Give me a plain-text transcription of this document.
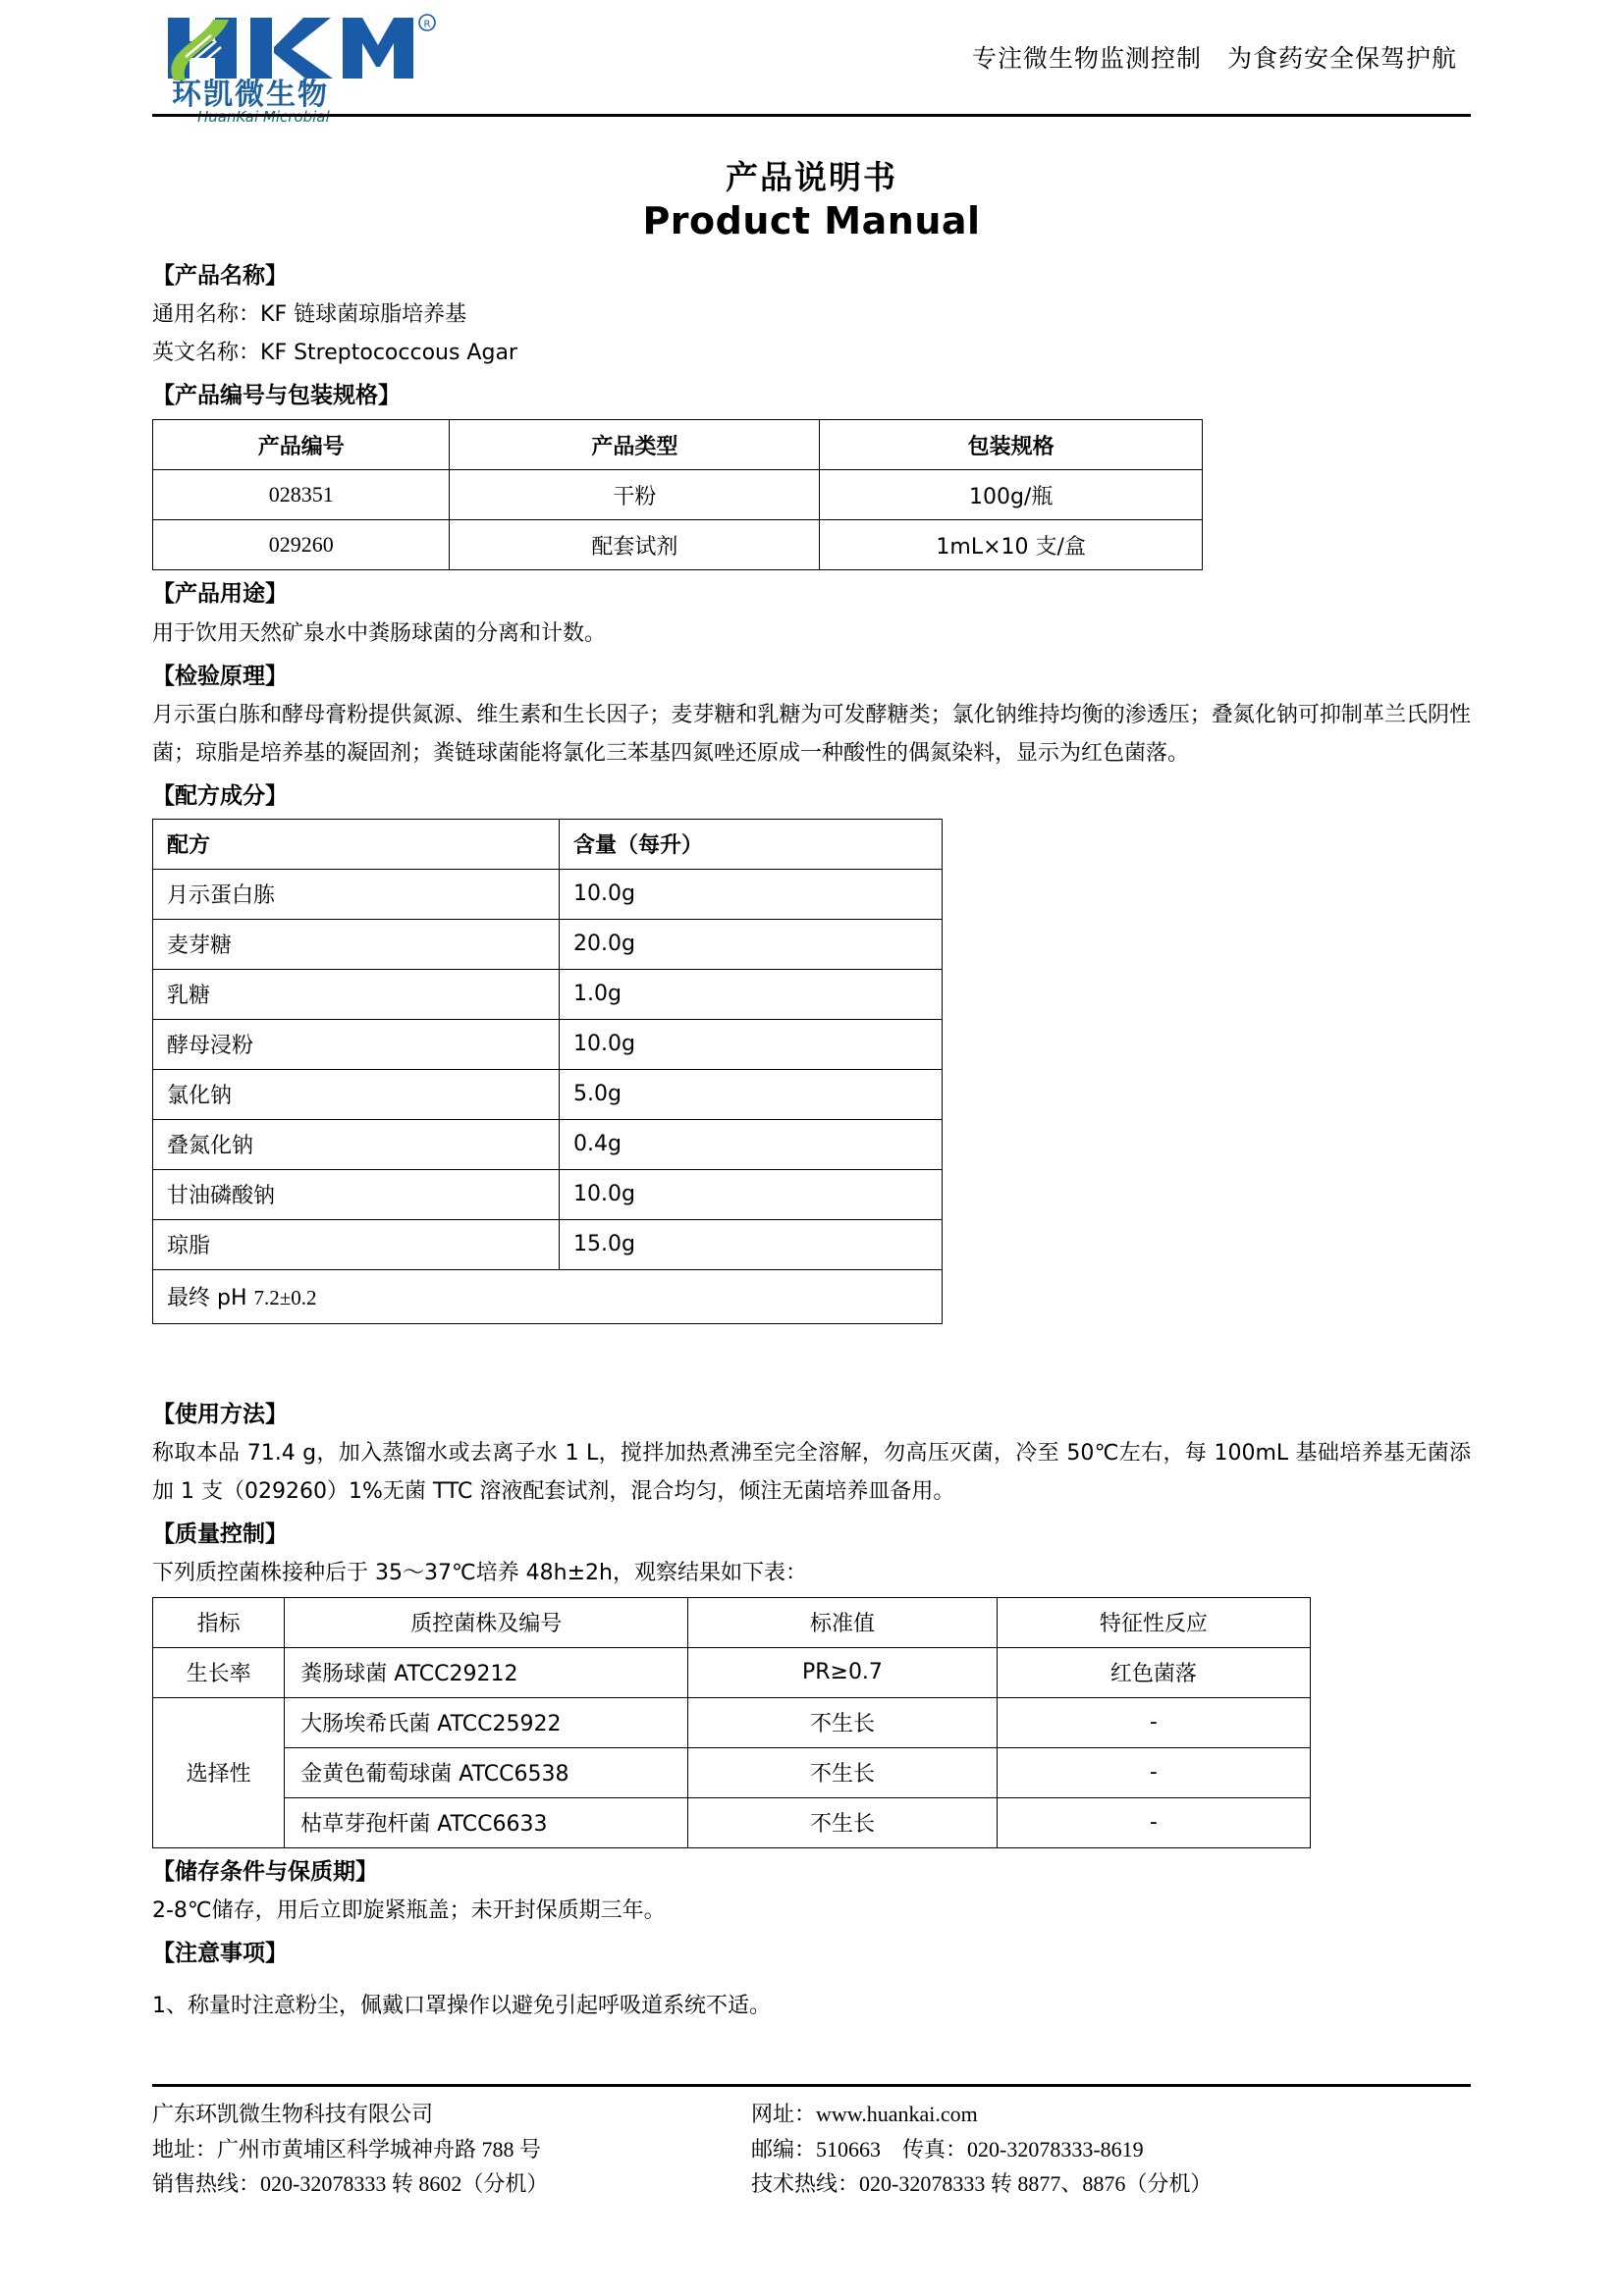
R
环凯微生物
HuanKai Microbial
专注微生物监测控制　为食药安全保驾护航
产品说明书
Product Manual
【产品名称】
通用名称：KF 链球菌琼脂培养基
英文名称：KF Streptococcous Agar
【产品编号与包装规格】
产品编号	产品类型	包装规格
028351	干粉	100g/瓶
029260	配套试剂	1mL×10 支/盒
【产品用途】
用于饮用天然矿泉水中粪肠球菌的分离和计数。
【检验原理】
月示蛋白胨和酵母膏粉提供氮源、维生素和生长因子；麦芽糖和乳糖为可发酵糖类；氯化钠维持均衡的渗透压；叠氮化钠可抑制革兰氏阴性菌；琼脂是培养基的凝固剂；粪链球菌能将氯化三苯基四氮唑还原成一种酸性的偶氮染料，显示为红色菌落。
【配方成分】
配方	含量（每升）
月示蛋白胨	10.0g
麦芽糖	20.0g
乳糖	1.0g
酵母浸粉	10.0g
氯化钠	5.0g
叠氮化钠	0.4g
甘油磷酸钠	10.0g
琼脂	15.0g
最终 pH 7.2±0.2	
【使用方法】
称取本品 71.4 g，加入蒸馏水或去离子水 1 L，搅拌加热煮沸至完全溶解，勿高压灭菌，冷至 50℃左右，每 100mL 基础培养基无菌添加 1 支（029260）1%无菌 TTC 溶液配套试剂，混合均匀，倾注无菌培养皿备用。
【质量控制】
下列质控菌株接种后于 35～37℃培养 48h±2h，观察结果如下表：
指标	质控菌株及编号	标准值	特征性反应
生长率	粪肠球菌 ATCC29212	PR≥0.7	红色菌落
选择性	大肠埃希氏菌 ATCC25922	不生长	-
	金黄色葡萄球菌 ATCC6538	不生长	-
	枯草芽孢杆菌 ATCC6633	不生长	-
【储存条件与保质期】
2-8℃储存，用后立即旋紧瓶盖；未开封保质期三年。
【注意事项】
1、称量时注意粉尘，佩戴口罩操作以避免引起呼吸道系统不适。
广东环凯微生物科技有限公司
地址：广州市黄埔区科学城神舟路 788 号
销售热线：020-32078333 转 8602（分机）
网址：www.huankai.com
邮编：510663 传真：020-32078333-8619
技术热线：020-32078333 转 8877、8876（分机）
